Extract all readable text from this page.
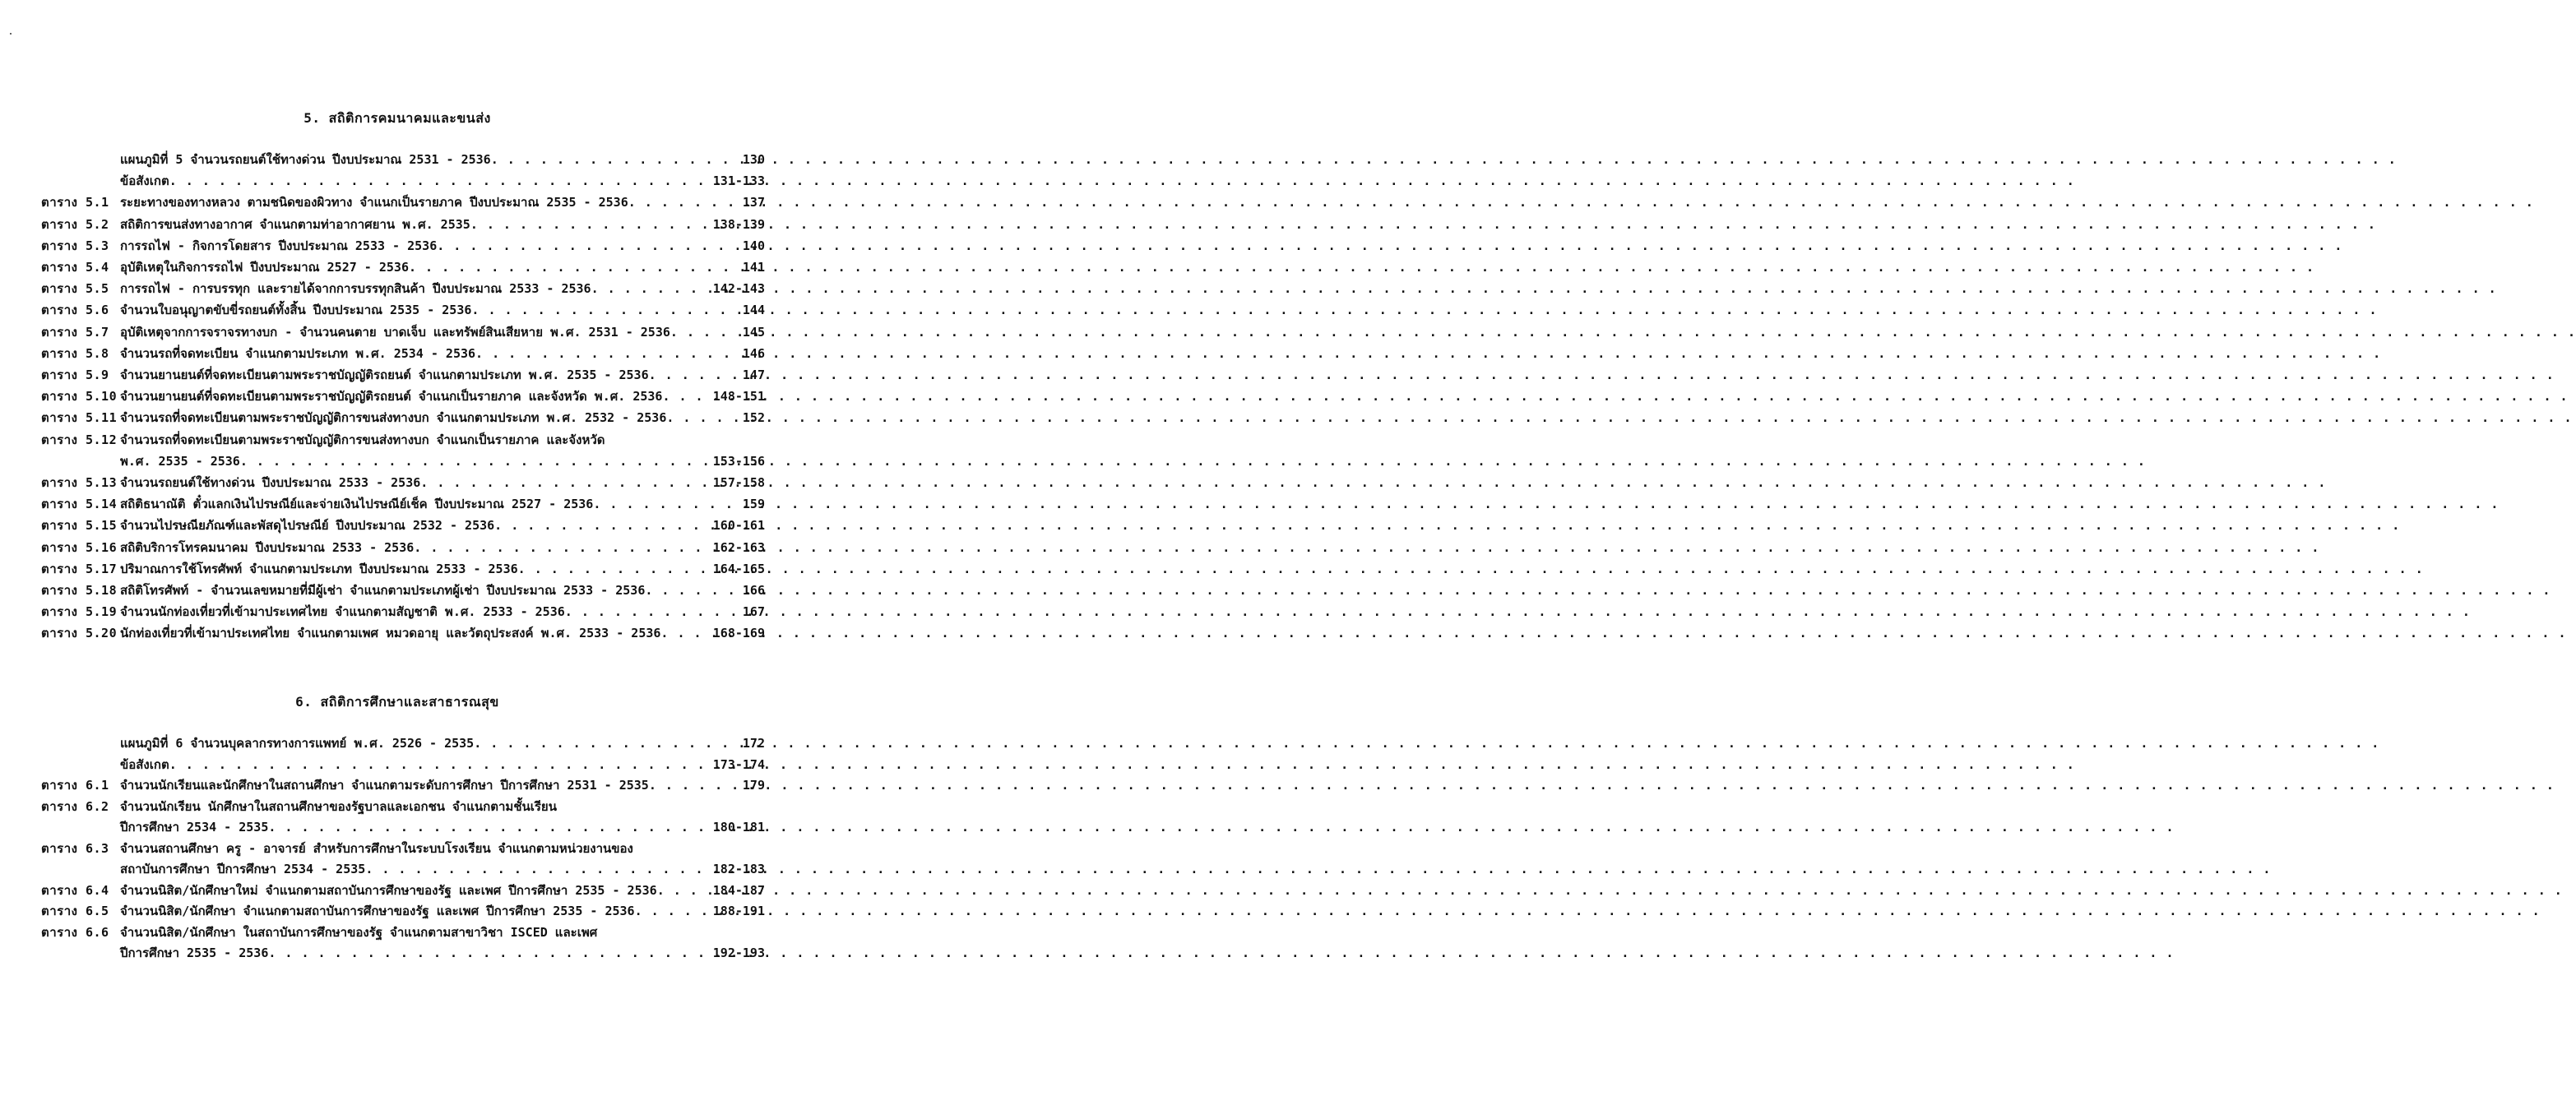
5. สถิติการคมนาคมและขนส่ง
แผนภูมิที่ 5 จำนวนรถยนต์ใช้ทางด่วน ปีงบประมาณ 2531 - 2536 . . .	130
ข้อสังเกต . . .	131-133
ตาราง 5.1 ระยะทางของทางหลวง ตามชนิดของผิวทาง จำแนกเป็นรายภาค ปีงบประมาณ 2535 - 2536 . . .	137
ตาราง 5.2 สถิติการขนส่งทางอากาศ จำแนกตามท่าอากาศยาน พ.ศ. 2535 . . .	138-139
ตาราง 5.3 การรถไฟ - กิจการโดยสาร ปีงบประมาณ 2533 - 2536 . . .	140
ตาราง 5.4 อุบัติเหตุในกิจการรถไฟ ปีงบประมาณ 2527 - 2536 . . .	141
ตาราง 5.5 การรถไฟ - การบรรทุก และรายได้จากการบรรทุกสินค้า ปีงบประมาณ 2533 - 2536 . . .	142-143
ตาราง 5.6 จำนวนใบอนุญาตขับขี่รถยนต์ทั้งสิ้น ปีงบประมาณ 2535 - 2536 . . .	144
ตาราง 5.7 อุบัติเหตุจากการจราจรทางบก - จำนวนคนตาย บาดเจ็บ และทรัพย์สินเสียหาย พ.ศ. 2531 - 2536 . . .	145
ตาราง 5.8 จำนวนรถที่จดทะเบียน จำแนกตามประเภท พ.ศ. 2534 - 2536 . . .	146
ตาราง 5.9 จำนวนยานยนต์ที่จดทะเบียนตามพระราชบัญญัติรถยนต์ จำแนกตามประเภท พ.ศ. 2535 - 2536 . . .	147
ตาราง 5.10 จำนวนยานยนต์ที่จดทะเบียนตามพระราชบัญญัติรถยนต์ จำแนกเป็นรายภาค และจังหวัด พ.ศ. 2536 . . .	148-151
ตาราง 5.11 จำนวนรถที่จดทะเบียนตามพระราชบัญญัติการขนส่งทางบก จำแนกตามประเภท พ.ศ. 2532 - 2536 . . .	152
ตาราง 5.12 จำนวนรถที่จดทะเบียนตามพระราชบัญญัติการขนส่งทางบก จำแนกเป็นรายภาค และจังหวัด
พ.ศ. 2535 - 2536 . . .	153-156
ตาราง 5.13 จำนวนรถยนต์ใช้ทางด่วน ปีงบประมาณ 2533 - 2536 . . .	157-158
ตาราง 5.14 สถิติธนาณัติ ตั๋วแลกเงินไปรษณีย์และจ่ายเงินไปรษณีย์เช็ค ปีงบประมาณ 2527 - 2536 . . .	159
ตาราง 5.15 จำนวนไปรษณียภัณฑ์และพัสดุไปรษณีย์ ปีงบประมาณ 2532 - 2536 . . .	160-161
ตาราง 5.16 สถิติบริการโทรคมนาคม ปีงบประมาณ 2533 - 2536 . . .	162-163
ตาราง 5.17 ปริมาณการใช้โทรศัพท์ จำแนกตามประเภท ปีงบประมาณ 2533 - 2536 . . .	164-165
ตาราง 5.18 สถิติโทรศัพท์ - จำนวนเลขหมายที่มีผู้เช่า จำแนกตามประเภทผู้เช่า ปีงบประมาณ 2533 - 2536 . . .	166
ตาราง 5.19 จำนวนนักท่องเที่ยวที่เข้ามาประเทศไทย จำแนกตามสัญชาติ พ.ศ. 2533 - 2536 . . .	167
ตาราง 5.20 นักท่องเที่ยวที่เข้ามาประเทศไทย จำแนกตามเพศ หมวดอายุ และวัตถุประสงค์ พ.ศ. 2533 - 2536 . . .	168-169
6. สถิติการศึกษาและสาธารณสุข
แผนภูมิที่ 6 จำนวนบุคลากรทางการแพทย์ พ.ศ. 2526 - 2535 . . .	172
ข้อสังเกต . . .	173-174
ตาราง 6.1 จำนวนนักเรียนและนักศึกษาในสถานศึกษา จำแนกตามระดับการศึกษา ปีการศึกษา 2531 - 2535 . . .	179
ตาราง 6.2 จำนวนนักเรียน นักศึกษาในสถานศึกษาของรัฐบาลและเอกชน จำแนกตามชั้นเรียน
ปีการศึกษา 2534 - 2535 . . .	180-181
ตาราง 6.3 จำนวนสถานศึกษา ครู - อาจารย์ สำหรับการศึกษาในระบบโรงเรียน จำแนกตามหน่วยงานของ
สถาบันการศึกษา ปีการศึกษา 2534 - 2535 . . .	182-183
ตาราง 6.4 จำนวนนิสิต/นักศึกษาใหม่ จำแนกตามสถาบันการศึกษาของรัฐ และเพศ ปีการศึกษา 2535 - 2536 . . .	184-187
ตาราง 6.5 จำนวนนิสิต/นักศึกษา จำแนกตามสถาบันการศึกษาของรัฐ และเพศ ปีการศึกษา 2535 - 2536 . . .	188-191
ตาราง 6.6 จำนวนนิสิต/นักศึกษา ในสถาบันการศึกษาของรัฐ จำแนกตามสาขาวิชา ISCED และเพศ
ปีการศึกษา 2535 - 2536 . . .	192-193
